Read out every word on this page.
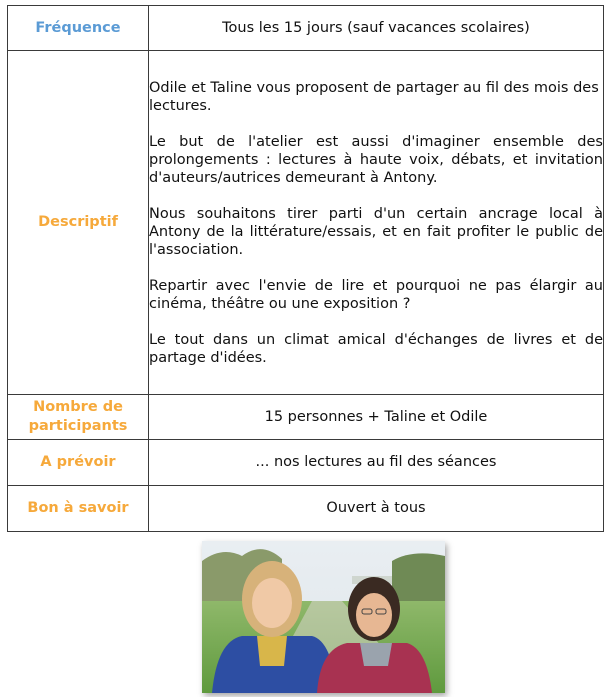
Fréquence	Tous les 15 jours (sauf vacances scolaires)
Descriptif	Odile et Taline vous proposent de partager au fil des mois des lectures.

Le but de l'atelier est aussi d'imaginer ensemble des prolongements : lectures à haute voix, débats, et invitation d'auteurs/autrices demeurant à Antony.

Nous souhaitons tirer parti d'un certain ancrage local à Antony de la littérature/essais, et en fait profiter le public de l'association.

Repartir avec l'envie de lire et pourquoi ne pas élargir au cinéma, théâtre ou une exposition ?

Le tout dans un climat amical d'échanges de livres et de partage d'idées.

Nombre de
participants	15 personnes + Taline et Odile
A prévoir	... nos lectures au fil des séances
Bon à savoir	Ouvert à tous
